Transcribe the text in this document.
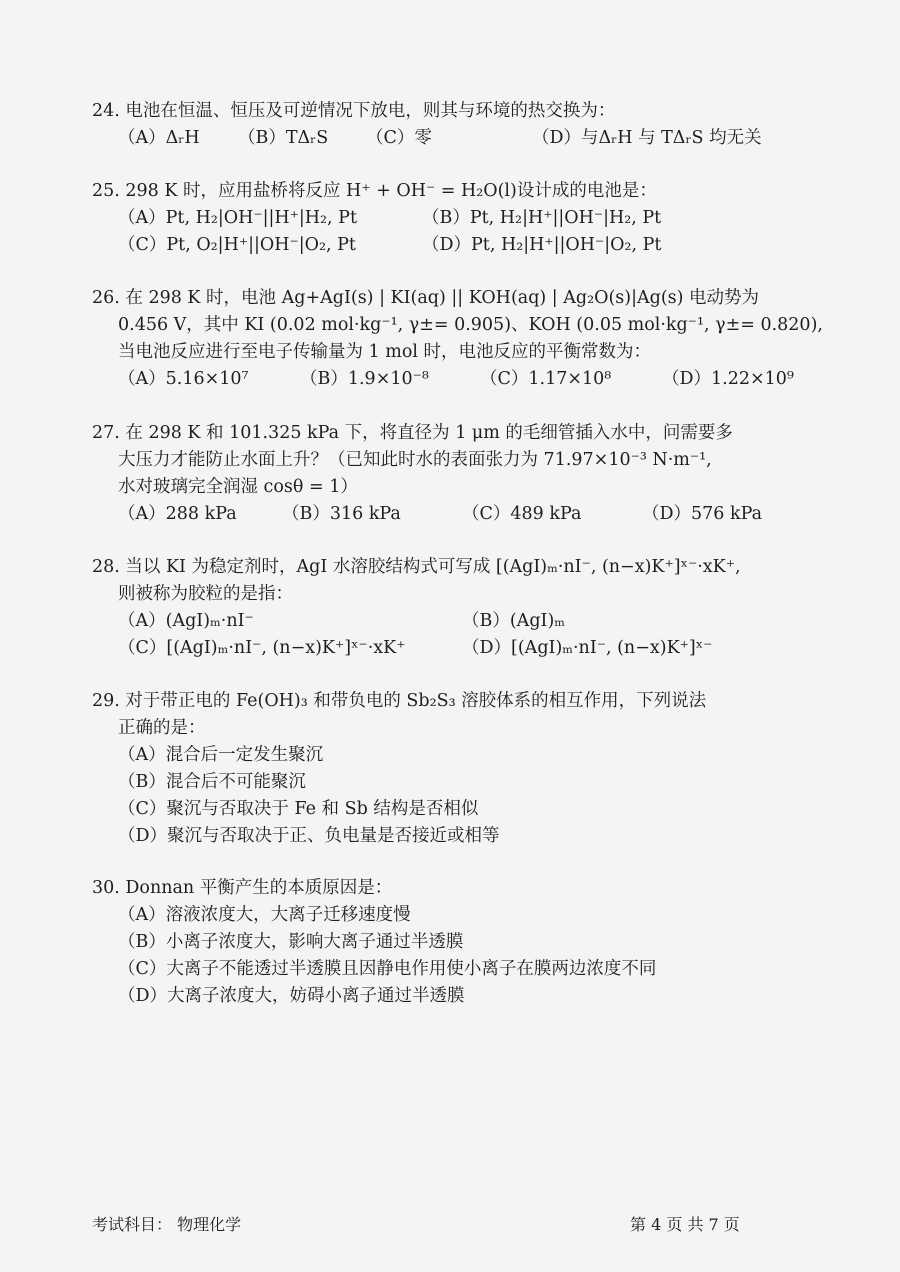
24. 电池在恒温、恒压及可逆情况下放电，则其与环境的热交换为：
（A）ΔᵣH （B）TΔᵣS （C）零	（D）与ΔᵣH 与 TΔᵣS 均无关
25. 298 K 时，应用盐桥将反应 H⁺ + OH⁻ = H₂O(l)设计成的电池是：
（A）Pt, H₂|OH⁻||H⁺|H₂, Pt	（B）Pt, H₂|H⁺||OH⁻|H₂, Pt
（C）Pt, O₂|H⁺||OH⁻|O₂, Pt	（D）Pt, H₂|H⁺||OH⁻|O₂, Pt
26. 在 298 K 时，电池 Ag+AgI(s) | KI(aq) || KOH(aq) | Ag₂O(s)|Ag(s) 电动势为
0.456 V，其中 KI (0.02 mol·kg⁻¹, γ±= 0.905)、KOH (0.05 mol·kg⁻¹, γ±= 0.820),
当电池反应进行至电子传输量为 1 mol 时，电池反应的平衡常数为：
（A）5.16×10⁷	（B）1.9×10⁻⁸	（C）1.17×10⁸	（D）1.22×10⁹
27. 在 298 K 和 101.325 kPa 下，将直径为 1 μm 的毛细管插入水中，问需要多
大压力才能防止水面上升？（已知此时水的表面张力为 71.97×10⁻³ N·m⁻¹,
水对玻璃完全润湿 cosθ = 1）
（A）288 kPa	（B）316 kPa	（C）489 kPa	（D）576 kPa
28. 当以 KI 为稳定剂时，AgI 水溶胶结构式可写成 [(AgI)ₘ·nI⁻, (n−x)K⁺]ˣ⁻·xK⁺,
则被称为胶粒的是指：
（A）(AgI)ₘ·nI⁻	（B）(AgI)ₘ
（C）[(AgI)ₘ·nI⁻, (n−x)K⁺]ˣ⁻·xK⁺	（D）[(AgI)ₘ·nI⁻, (n−x)K⁺]ˣ⁻
29. 对于带正电的 Fe(OH)₃ 和带负电的 Sb₂S₃ 溶胶体系的相互作用，下列说法
正确的是：
（A）混合后一定发生聚沉
（B）混合后不可能聚沉
（C）聚沉与否取决于 Fe 和 Sb 结构是否相似
（D）聚沉与否取决于正、负电量是否接近或相等
30. Donnan 平衡产生的本质原因是：
（A）溶液浓度大，大离子迁移速度慢
（B）小离子浓度大，影响大离子通过半透膜
（C）大离子不能透过半透膜且因静电作用使小离子在膜两边浓度不同
（D）大离子浓度大，妨碍小离子通过半透膜
考试科目： 物理化学	第 4 页 共 7 页
